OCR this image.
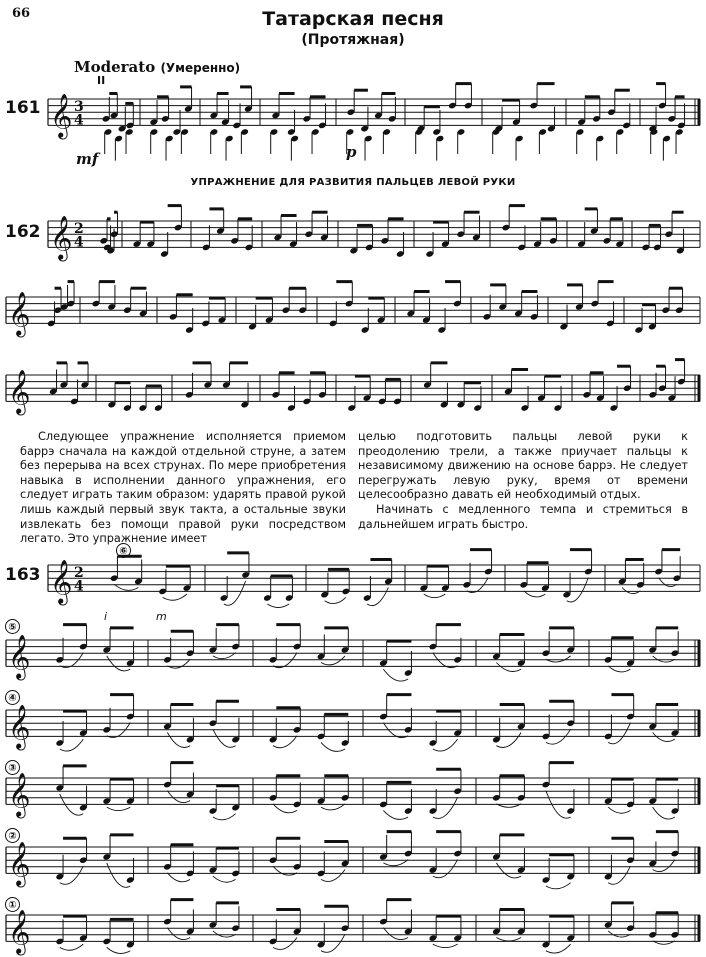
66	Татарская песня
(Протяжная)
Moderato (Умеренно)
II
161
mf	p
УПРАЖНЕНИЕ ДЛЯ РАЗВИТИЯ ПАЛЬЦЕВ ЛЕВОЙ РУКИ
162

Следующее упражнение исполняется приемом баррэ сначала на каждой отдельной струне, а затем без перерыва на всех струнах. По мере приобретения навыка в исполнении данного упражнения, его следует играть таким образом: ударять правой рукой лишь каждый первый звук такта, а остальные звуки извлекать без помощи правой руки посредством легато. Это упражнение имеет

целью подготовить пальцы левой руки к преодолению трели, а также приучает пальцы к независимому движению на основе баррэ. Не следует перегружать левую руку, время от времени целесообразно давать ей необходимый отдых.

Начинать с медленного темпа и стремиться в дальнейшем играть быстро.

163
⑥
⑤
④
③
②
①
i	m
𝄞 3
4
𝄞 2
4
𝄞
𝄞
𝄞 2
4
𝄞
𝄞
𝄞
𝄞
𝄞
